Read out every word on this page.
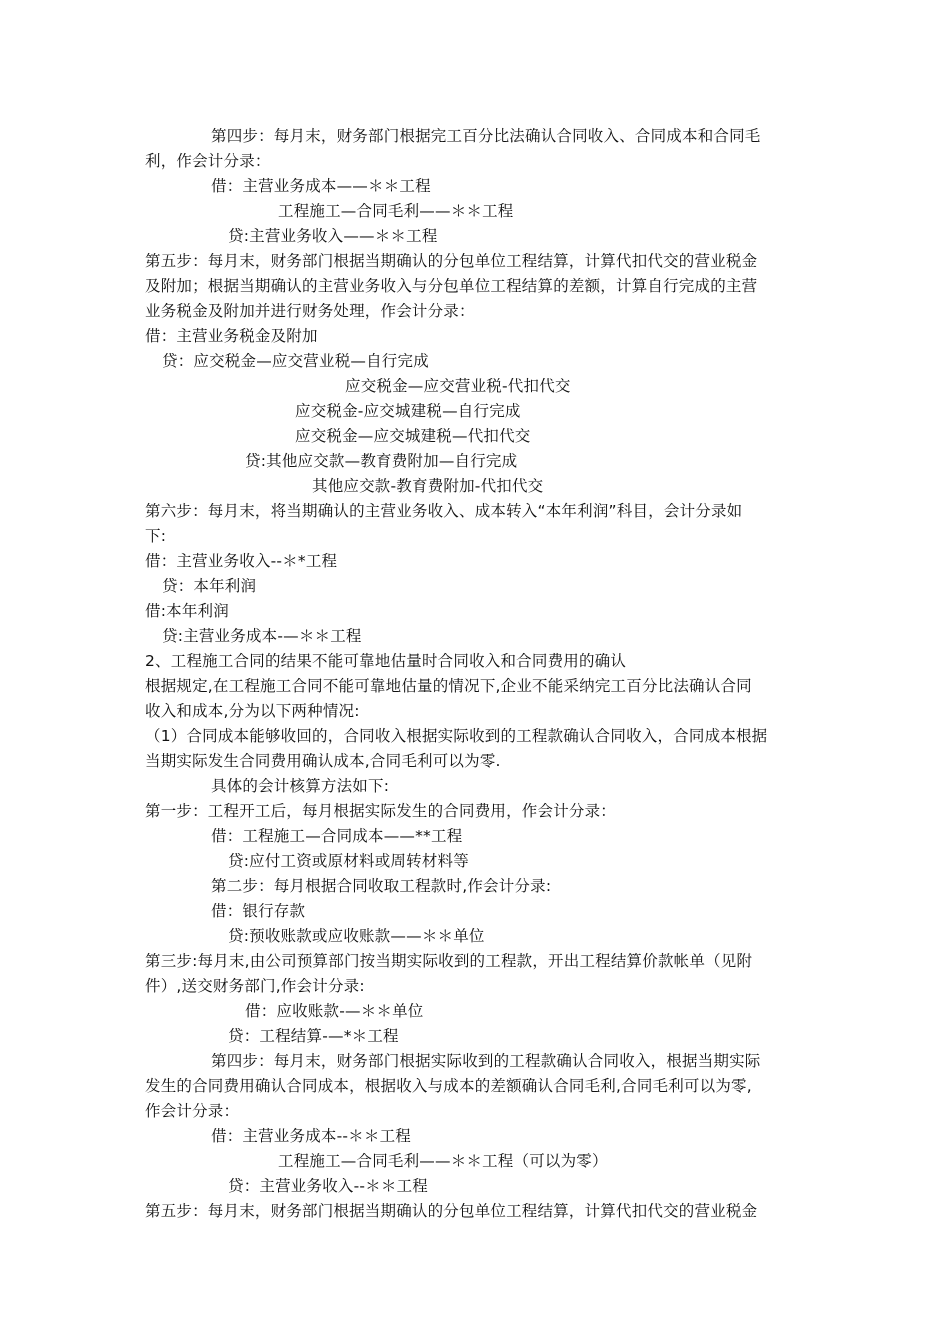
第四步：每月末，财务部门根据完工百分比法确认合同收入、合同成本和合同毛
利，作会计分录：
借：主营业务成本——＊＊工程
工程施工—合同毛利——＊＊工程
贷:主营业务收入——＊＊工程
第五步：每月末，财务部门根据当期确认的分包单位工程结算，计算代扣代交的营业税金
及附加；根据当期确认的主营业务收入与分包单位工程结算的差额，计算自行完成的主营
业务税金及附加并进行财务处理，作会计分录：
借：主营业务税金及附加
贷：应交税金—应交营业税—自行完成
应交税金—应交营业税-代扣代交
应交税金-应交城建税—自行完成
应交税金—应交城建税—代扣代交
贷:其他应交款—教育费附加—自行完成
其他应交款-教育费附加-代扣代交
第六步：每月末，将当期确认的主营业务收入、成本转入“本年利润”科目，会计分录如
下:
借：主营业务收入--＊*工程
贷：本年利润
借:本年利润
贷:主营业务成本-—＊＊工程
2、工程施工合同的结果不能可靠地估量时合同收入和合同费用的确认
根据规定,在工程施工合同不能可靠地估量的情况下,企业不能采纳完工百分比法确认合同
收入和成本,分为以下两种情况:
（1）合同成本能够收回的，合同收入根据实际收到的工程款确认合同收入，合同成本根据
当期实际发生合同费用确认成本,合同毛利可以为零.
具体的会计核算方法如下:
第一步：工程开工后，每月根据实际发生的合同费用，作会计分录：
借：工程施工—合同成本——**工程
贷:应付工资或原材料或周转材料等
第二步：每月根据合同收取工程款时,作会计分录:
借：银行存款
贷:预收账款或应收账款——＊＊单位
第三步:每月末,由公司预算部门按当期实际收到的工程款，开出工程结算价款帐单（见附
件）,送交财务部门,作会计分录:
借：应收账款-—＊＊单位
贷：工程结算-—*＊工程
第四步：每月末，财务部门根据实际收到的工程款确认合同收入，根据当期实际
发生的合同费用确认合同成本，根据收入与成本的差额确认合同毛利,合同毛利可以为零,
作会计分录：
借：主营业务成本--＊＊工程
工程施工—合同毛利——＊＊工程（可以为零）
贷：主营业务收入--＊＊工程
第五步：每月末，财务部门根据当期确认的分包单位工程结算，计算代扣代交的营业税金
